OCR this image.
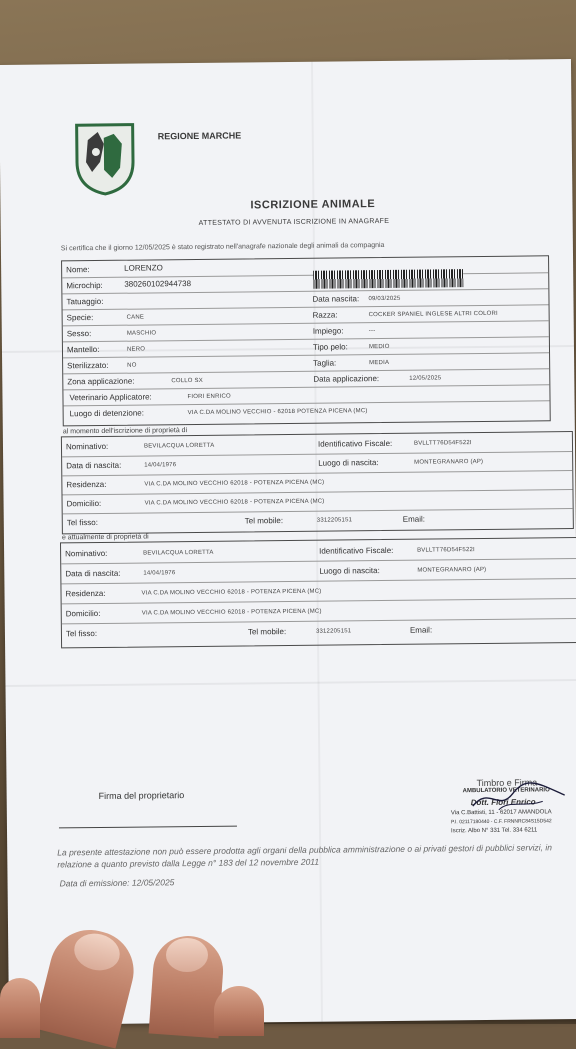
REGIONE MARCHE
ISCRIZIONE ANIMALE
ATTESTATO DI AVVENUTA ISCRIZIONE IN ANAGRAFE
Si certifica che il giorno 12/05/2025 è stato registrato nell'anagrafe nazionale degli animali da compagnia
Nome:	LORENZO
Microchip:	380260102944738
Tatuaggio:	Data nascita: 09/03/2025
Specie:	CANE	Razza:	COCKER SPANIEL INGLESE ALTRI COLORI
Sesso:	MASCHIO	Impiego:	---
Mantello:	NERO	Tipo pelo:	MEDIO
Sterilizzato:	NO	Taglia:	MEDIA
Zona applicazione:	COLLO SX	Data applicazione:	12/05/2025
Veterinario Applicatore:	FIORI ENRICO
Luogo di detenzione:	VIA C.DA MOLINO VECCHIO - 62018 POTENZA PICENA (MC)
al momento dell'iscrizione di proprietà di
Nominativo:	BEVILACQUA LORETTA	Identificativo Fiscale:	BVLLTT76D54F522I
Data di nascita:	14/04/1976	Luogo di nascita:	MONTEGRANARO (AP)
Residenza:	VIA C.DA MOLINO VECCHIO 62018 - POTENZA PICENA (MC)
Domicilio:	VIA C.DA MOLINO VECCHIO 62018 - POTENZA PICENA (MC)
Tel fisso:	Tel mobile:	3312205151	Email:
e attualmente di proprietà di
Nominativo:	BEVILACQUA LORETTA	Identificativo Fiscale:	BVLLTT76D54F522I
Data di nascita:	14/04/1976	Luogo di nascita:	MONTEGRANARO (AP)
Residenza:	VIA C.DA MOLINO VECCHIO 62018 - POTENZA PICENA (MC)
Domicilio:	VIA C.DA MOLINO VECCHIO 62018 - POTENZA PICENA (MC)
Tel fisso:	Tel mobile:	3312205151	Email:
Firma del proprietario
Timbro e Firma
AMBULATORIO VETERINARIO
Dott. Fiori Enrico
Via C.Battisti, 11 - 62017 AMANDOLA
P.I. 02117180440 - C.F. FRNNRC84S15D542
Iscriz. Albo N° 331 Tel. 334 6211
La presente attestazione non può essere prodotta agli organi della pubblica amministrazione o ai privati gestori di pubblici servizi, in relazione a quanto previsto dalla Legge n° 183 del 12 novembre 2011
Data di emissione: 12/05/2025
